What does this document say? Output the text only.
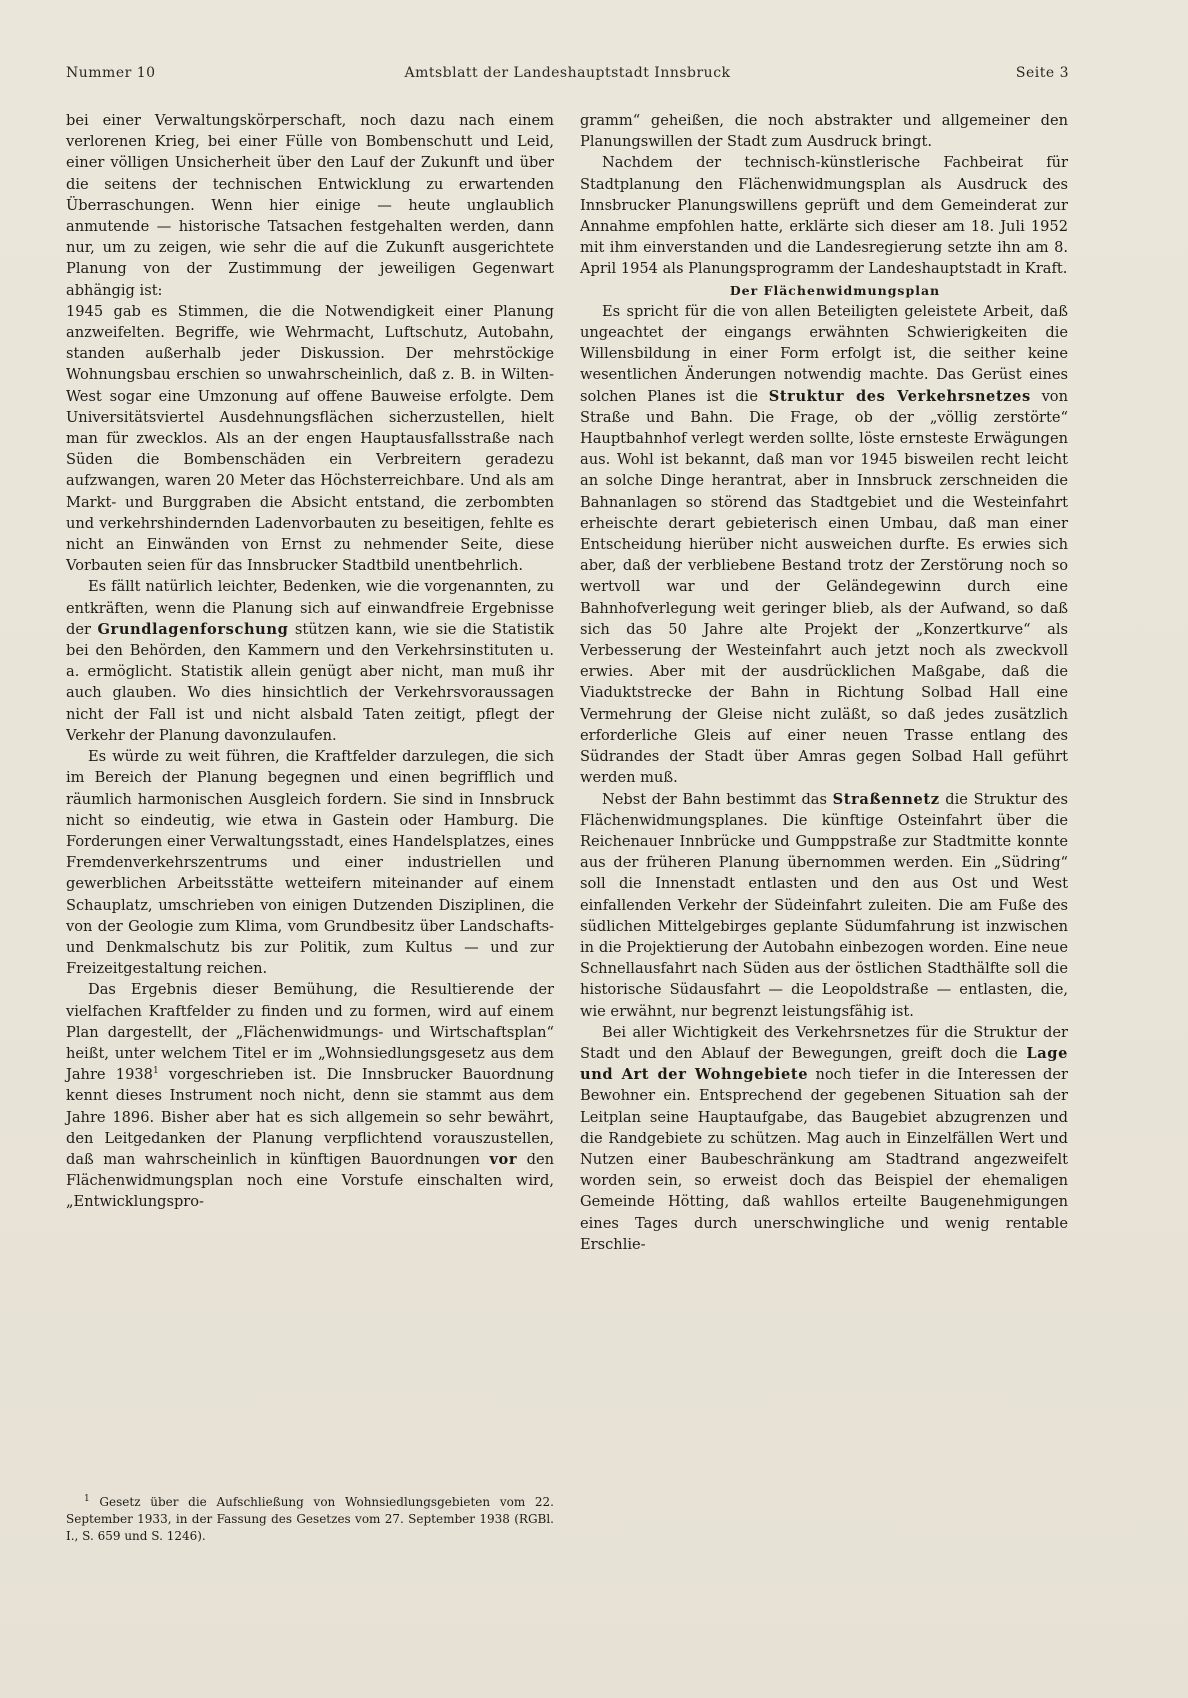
Nummer 10	Amtsblatt der Landeshauptstadt Innsbruck	Seite 3

bei einer Verwaltungskörperschaft, noch dazu nach einem verlorenen Krieg, bei einer Fülle von Bombenschutt und Leid, einer völligen Unsicherheit über den Lauf der Zukunft und über die seitens der technischen Entwicklung zu erwartenden Überraschungen. Wenn hier einige — heute unglaublich anmutende — historische Tatsachen festgehalten werden, dann nur, um zu zeigen, wie sehr die auf die Zukunft ausgerichtete Planung von der Zustimmung der jeweiligen Gegenwart abhängig ist:

1945 gab es Stimmen, die die Notwendigkeit einer Planung anzweifelten. Begriffe, wie Wehrmacht, Luftschutz, Autobahn, standen außerhalb jeder Diskussion. Der mehrstöckige Wohnungsbau erschien so unwahrscheinlich, daß z. B. in Wilten-West sogar eine Umzonung auf offene Bauweise erfolgte. Dem Universitätsviertel Ausdehnungsflächen sicherzustellen, hielt man für zwecklos. Als an der engen Hauptausfallsstraße nach Süden die Bombenschäden ein Verbreitern geradezu aufzwangen, waren 20 Meter das Höchsterreichbare. Und als am Markt- und Burggraben die Absicht entstand, die zerbombten und verkehrshindernden Ladenvorbauten zu beseitigen, fehlte es nicht an Einwänden von Ernst zu nehmender Seite, diese Vorbauten seien für das Innsbrucker Stadtbild unentbehrlich.

Es fällt natürlich leichter, Bedenken, wie die vorgenannten, zu entkräften, wenn die Planung sich auf einwandfreie Ergebnisse der Grundlagenforschung stützen kann, wie sie die Statistik bei den Behörden, den Kammern und den Verkehrsinstituten u. a. ermöglicht. Statistik allein genügt aber nicht, man muß ihr auch glauben. Wo dies hinsichtlich der Verkehrsvoraussagen nicht der Fall ist und nicht alsbald Taten zeitigt, pflegt der Verkehr der Planung davonzulaufen.

Es würde zu weit führen, die Kraftfelder darzulegen, die sich im Bereich der Planung begegnen und einen begrifflich und räumlich harmonischen Ausgleich fordern. Sie sind in Innsbruck nicht so eindeutig, wie etwa in Gastein oder Hamburg. Die Forderungen einer Verwaltungsstadt, eines Handelsplatzes, eines Fremdenverkehrszentrums und einer industriellen und gewerblichen Arbeitsstätte wetteifern miteinander auf einem Schauplatz, umschrieben von einigen Dutzenden Disziplinen, die von der Geologie zum Klima, vom Grundbesitz über Landschafts- und Denkmalschutz bis zur Politik, zum Kultus — und zur Freizeitgestaltung reichen.

Das Ergebnis dieser Bemühung, die Resultierende der vielfachen Kraftfelder zu finden und zu formen, wird auf einem Plan dargestellt, der „Flächenwidmungs- und Wirtschaftsplan“ heißt, unter welchem Titel er im „Wohnsiedlungsgesetz aus dem Jahre 1938$^1$ vorgeschrieben ist. Die Innsbrucker Bauordnung kennt dieses Instrument noch nicht, denn sie stammt aus dem Jahre 1896. Bisher aber hat es sich allgemein so sehr bewährt, den Leitgedanken der Planung verpflichtend vorauszustellen, daß man wahrscheinlich in künftigen Bauordnungen vor den Flächenwidmungsplan noch eine Vorstufe einschalten wird, „Entwicklungspro-

$^1$ Gesetz über die Aufschließung von Wohnsiedlungsgebieten vom 22. September 1933, in der Fassung des Gesetzes vom 27. September 1938 (RGBl. I., S. 659 und S. 1246).

gramm“ geheißen, die noch abstrakter und allgemeiner den Planungswillen der Stadt zum Ausdruck bringt.

Nachdem der technisch-künstlerische Fachbeirat für Stadtplanung den Flächenwidmungsplan als Ausdruck des Innsbrucker Planungswillens geprüft und dem Gemeinderat zur Annahme empfohlen hatte, erklärte sich dieser am 18. Juli 1952 mit ihm einverstanden und die Landesregierung setzte ihn am 8. April 1954 als Planungsprogramm der Landeshauptstadt in Kraft.

Der Flächenwidmungsplan

Es spricht für die von allen Beteiligten geleistete Arbeit, daß ungeachtet der eingangs erwähnten Schwierigkeiten die Willensbildung in einer Form erfolgt ist, die seither keine wesentlichen Änderungen notwendig machte. Das Gerüst eines solchen Planes ist die Struktur des Verkehrsnetzes von Straße und Bahn. Die Frage, ob der „völlig zerstörte“ Hauptbahnhof verlegt werden sollte, löste ernsteste Erwägungen aus. Wohl ist bekannt, daß man vor 1945 bisweilen recht leicht an solche Dinge herantrat, aber in Innsbruck zerschneiden die Bahnanlagen so störend das Stadtgebiet und die Westeinfahrt erheischte derart gebieterisch einen Umbau, daß man einer Entscheidung hierüber nicht ausweichen durfte. Es erwies sich aber, daß der verbliebene Bestand trotz der Zerstörung noch so wertvoll war und der Geländegewinn durch eine Bahnhofverlegung weit geringer blieb, als der Aufwand, so daß sich das 50 Jahre alte Projekt der „Konzertkurve“ als Verbesserung der Westeinfahrt auch jetzt noch als zweckvoll erwies. Aber mit der ausdrücklichen Maßgabe, daß die Viaduktstrecke der Bahn in Richtung Solbad Hall eine Vermehrung der Gleise nicht zuläßt, so daß jedes zusätzlich erforderliche Gleis auf einer neuen Trasse entlang des Südrandes der Stadt über Amras gegen Solbad Hall geführt werden muß.

Nebst der Bahn bestimmt das Straßennetz die Struktur des Flächenwidmungsplanes. Die künftige Osteinfahrt über die Reichenauer Innbrücke und Gumppstraße zur Stadtmitte konnte aus der früheren Planung übernommen werden. Ein „Südring“ soll die Innenstadt entlasten und den aus Ost und West einfallenden Verkehr der Südeinfahrt zuleiten. Die am Fuße des südlichen Mittelgebirges geplante Südumfahrung ist inzwischen in die Projektierung der Autobahn einbezogen worden. Eine neue Schnellausfahrt nach Süden aus der östlichen Stadthälfte soll die historische Südausfahrt — die Leopoldstraße — entlasten, die, wie erwähnt, nur begrenzt leistungsfähig ist.

Bei aller Wichtigkeit des Verkehrsnetzes für die Struktur der Stadt und den Ablauf der Bewegungen, greift doch die Lage und Art der Wohngebiete noch tiefer in die Interessen der Bewohner ein. Entsprechend der gegebenen Situation sah der Leitplan seine Hauptaufgabe, das Baugebiet abzugrenzen und die Randgebiete zu schützen. Mag auch in Einzelfällen Wert und Nutzen einer Baubeschränkung am Stadtrand angezweifelt worden sein, so erweist doch das Beispiel der ehemaligen Gemeinde Hötting, daß wahllos erteilte Baugenehmigungen eines Tages durch unerschwingliche und wenig rentable Erschlie-
